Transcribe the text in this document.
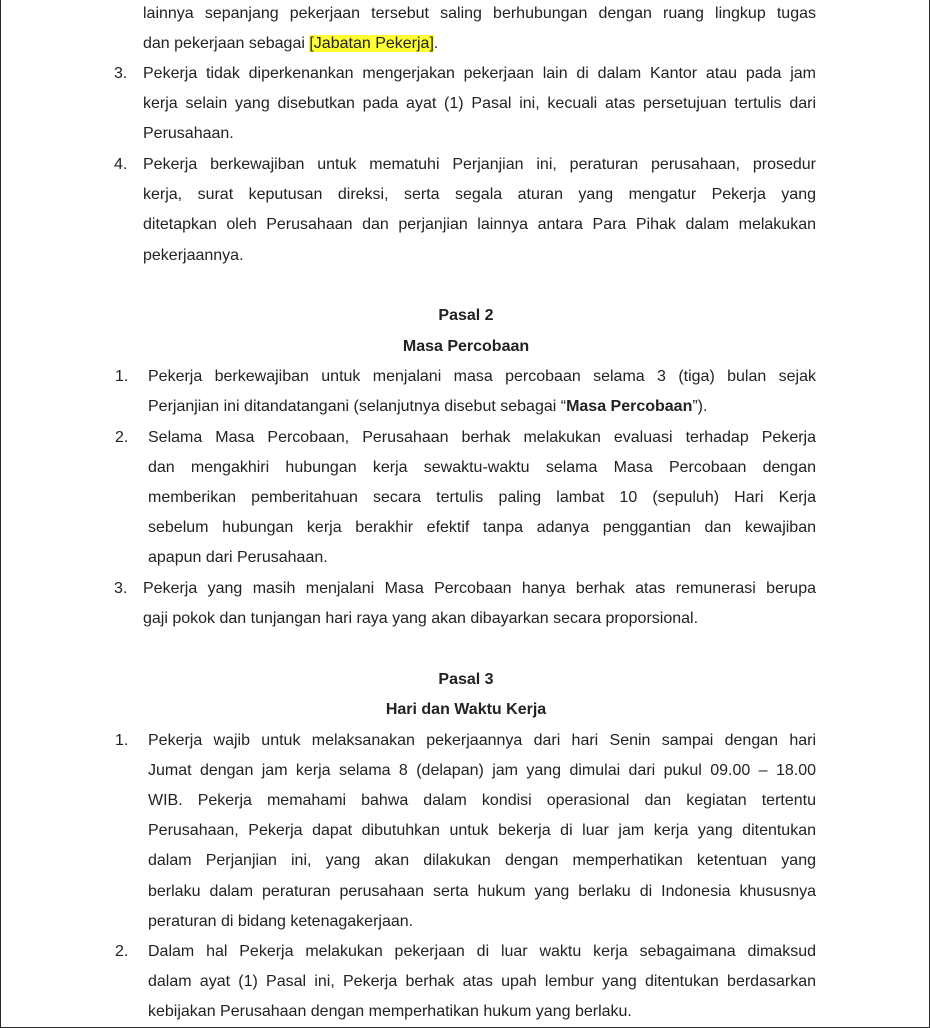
lainnya sepanjang pekerjaan tersebut saling berhubungan dengan ruang lingkup tugas
dan pekerjaan sebagai [Jabatan Pekerja].
3. Pekerja tidak diperkenankan mengerjakan pekerjaan lain di dalam Kantor atau pada jam
kerja selain yang disebutkan pada ayat (1) Pasal ini, kecuali atas persetujuan tertulis dari
Perusahaan.
4. Pekerja berkewajiban untuk mematuhi Perjanjian ini, peraturan perusahaan, prosedur
kerja, surat keputusan direksi, serta segala aturan yang mengatur Pekerja yang
ditetapkan oleh Perusahaan dan perjanjian lainnya antara Para Pihak dalam melakukan
pekerjaannya.
Pasal 2
Masa Percobaan
1. Pekerja berkewajiban untuk menjalani masa percobaan selama 3 (tiga) bulan sejak
Perjanjian ini ditandatangani (selanjutnya disebut sebagai “Masa Percobaan”).
2. Selama Masa Percobaan, Perusahaan berhak melakukan evaluasi terhadap Pekerja
dan mengakhiri hubungan kerja sewaktu-waktu selama Masa Percobaan dengan
memberikan pemberitahuan secara tertulis paling lambat 10 (sepuluh) Hari Kerja
sebelum hubungan kerja berakhir efektif tanpa adanya penggantian dan kewajiban
apapun dari Perusahaan.
3. Pekerja yang masih menjalani Masa Percobaan hanya berhak atas remunerasi berupa
gaji pokok dan tunjangan hari raya yang akan dibayarkan secara proporsional.
Pasal 3
Hari dan Waktu Kerja
1. Pekerja wajib untuk melaksanakan pekerjaannya dari hari Senin sampai dengan hari
Jumat dengan jam kerja selama 8 (delapan) jam yang dimulai dari pukul 09.00 – 18.00
WIB. Pekerja memahami bahwa dalam kondisi operasional dan kegiatan tertentu
Perusahaan, Pekerja dapat dibutuhkan untuk bekerja di luar jam kerja yang ditentukan
dalam Perjanjian ini, yang akan dilakukan dengan memperhatikan ketentuan yang
berlaku dalam peraturan perusahaan serta hukum yang berlaku di Indonesia khususnya
peraturan di bidang ketenagakerjaan.
2. Dalam hal Pekerja melakukan pekerjaan di luar waktu kerja sebagaimana dimaksud
dalam ayat (1) Pasal ini, Pekerja berhak atas upah lembur yang ditentukan berdasarkan
kebijakan Perusahaan dengan memperhatikan hukum yang berlaku.
